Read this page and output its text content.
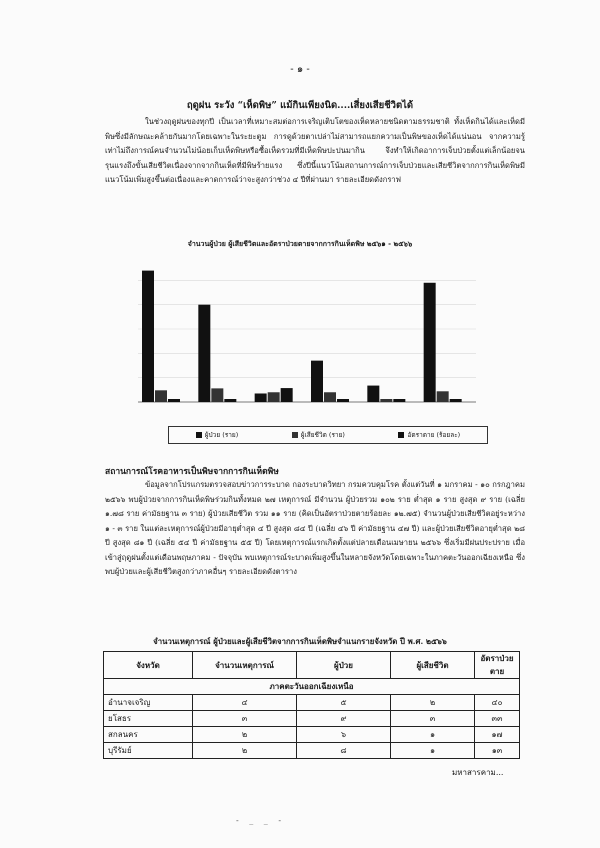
- ๑ -
ฤดูฝน ระวัง “เห็ดพิษ” แม้กินเพียงนิด....เสี่ยงเสียชีวิตได้
ในช่วงฤดูฝนของทุกปี เป็นเวลาที่เหมาะสมต่อการเจริญเติบโตของเห็ดหลายชนิดตามธรรมชาติ ทั้งเห็ดกินได้และเห็ดมีพิษซึ่งมีลักษณะคล้ายกันมากโดยเฉพาะในระยะตูม การดูด้วยตาเปล่าไม่สามารถแยกความเป็นพิษของเห็ดได้แน่นอน จากความรู้เท่าไม่ถึงการณ์คนจำนวนไม่น้อยเก็บเห็ดพิษหรือซื้อเห็ดรวมที่มีเห็ดพิษปะปนมากิน จึงทำให้เกิดอาการเจ็บป่วยตั้งแต่เล็กน้อยจนรุนแรงถึงขั้นเสียชีวิตเนื่องจากจากกินเห็ดที่มีพิษร้ายแรง ซึ่งปีนี้แนวโน้มสถานการณ์การเจ็บป่วยและเสียชีวิตจากการกินเห็ดพิษมีแนวโน้มเพิ่มสูงขึ้นต่อเนื่องและคาดการณ์ว่าจะสูงกว่าช่วง ๔ ปีที่ผ่านมา รายละเอียดดังกราฟ
จำนวนผู้ป่วย ผู้เสียชีวิตและอัตราป่วยตายจากการกินเห็ดพิษ ๒๕๖๑ - ๒๕๖๖
ผู้ป่วย (ราย)	ผู้เสียชีวิต (ราย)	อัตราตาย (ร้อยละ)
สถานการณ์โรคอาหารเป็นพิษจากการกินเห็ดพิษ
ข้อมูลจากโปรแกรมตรวจสอบข่าวการระบาด กองระบาดวิทยา กรมควบคุมโรค ตั้งแต่วันที่ ๑ มกราคม - ๑๐ กรกฎาคม ๒๕๖๖ พบผู้ป่วยจากการกินเห็ดพิษร่วมกินทั้งหมด ๒๗ เหตุการณ์ มีจำนวน ผู้ป่วยรวม ๑๐๒ ราย ต่ำสุด ๑ ราย สูงสุด ๙ ราย (เฉลี่ย ๑.๗๘ ราย ค่ามัธยฐาน ๓ ราย) ผู้ป่วยเสียชีวิต รวม ๑๑ ราย (คิดเป็นอัตราป่วยตายร้อยละ ๑๒.๗๕) จำนวนผู้ป่วยเสียชีวิตอยู่ระหว่าง ๑ - ๓ ราย ในแต่ละเหตุการณ์ผู้ป่วยมีอายุต่ำสุด ๔ ปี สูงสุด ๘๔ ปี (เฉลี่ย ๔๖ ปี ค่ามัธยฐาน ๔๗ ปี) และผู้ป่วยเสียชีวิตอายุต่ำสุด ๒๘ ปี สูงสุด ๘๑ ปี (เฉลี่ย ๕๔ ปี ค่ามัธยฐาน ๕๕ ปี) โดยเหตุการณ์แรกเกิดตั้งแต่ปลายเดือนเมษายน ๒๕๖๖ ซึ่งเริ่มมีฝนประปราย เมื่อเข้าสู่ฤดูฝนตั้งแต่เดือนพฤษภาคม - ปัจจุบัน พบเหตุการณ์ระบาดเพิ่มสูงขึ้นในหลายจังหวัดโดยเฉพาะในภาคตะวันออกเฉียงเหนือ ซึ่งพบผู้ป่วยและผู้เสียชีวิตสูงกว่าภาคอื่นๆ รายละเอียดดังตาราง
จำนวนเหตุการณ์ ผู้ป่วยและผู้เสียชีวิตจากการกินเห็ดพิษจำแนกรายจังหวัด ปี พ.ศ. ๒๕๖๖
จังหวัด	จำนวนเหตุการณ์	ผู้ป่วย	ผู้เสียชีวิต	อัตราป่วยตาย
ภาคตะวันออกเฉียงเหนือ				
อำนาจเจริญ	๔	๕	๒	๔๐
ยโสธร	๓	๙	๓	๓๓
สกลนคร	๒	๖	๑	๑๗
บุรีรัมย์	๒	๘	๑	๑๓
มหาสารคาม...
- _ _ -
